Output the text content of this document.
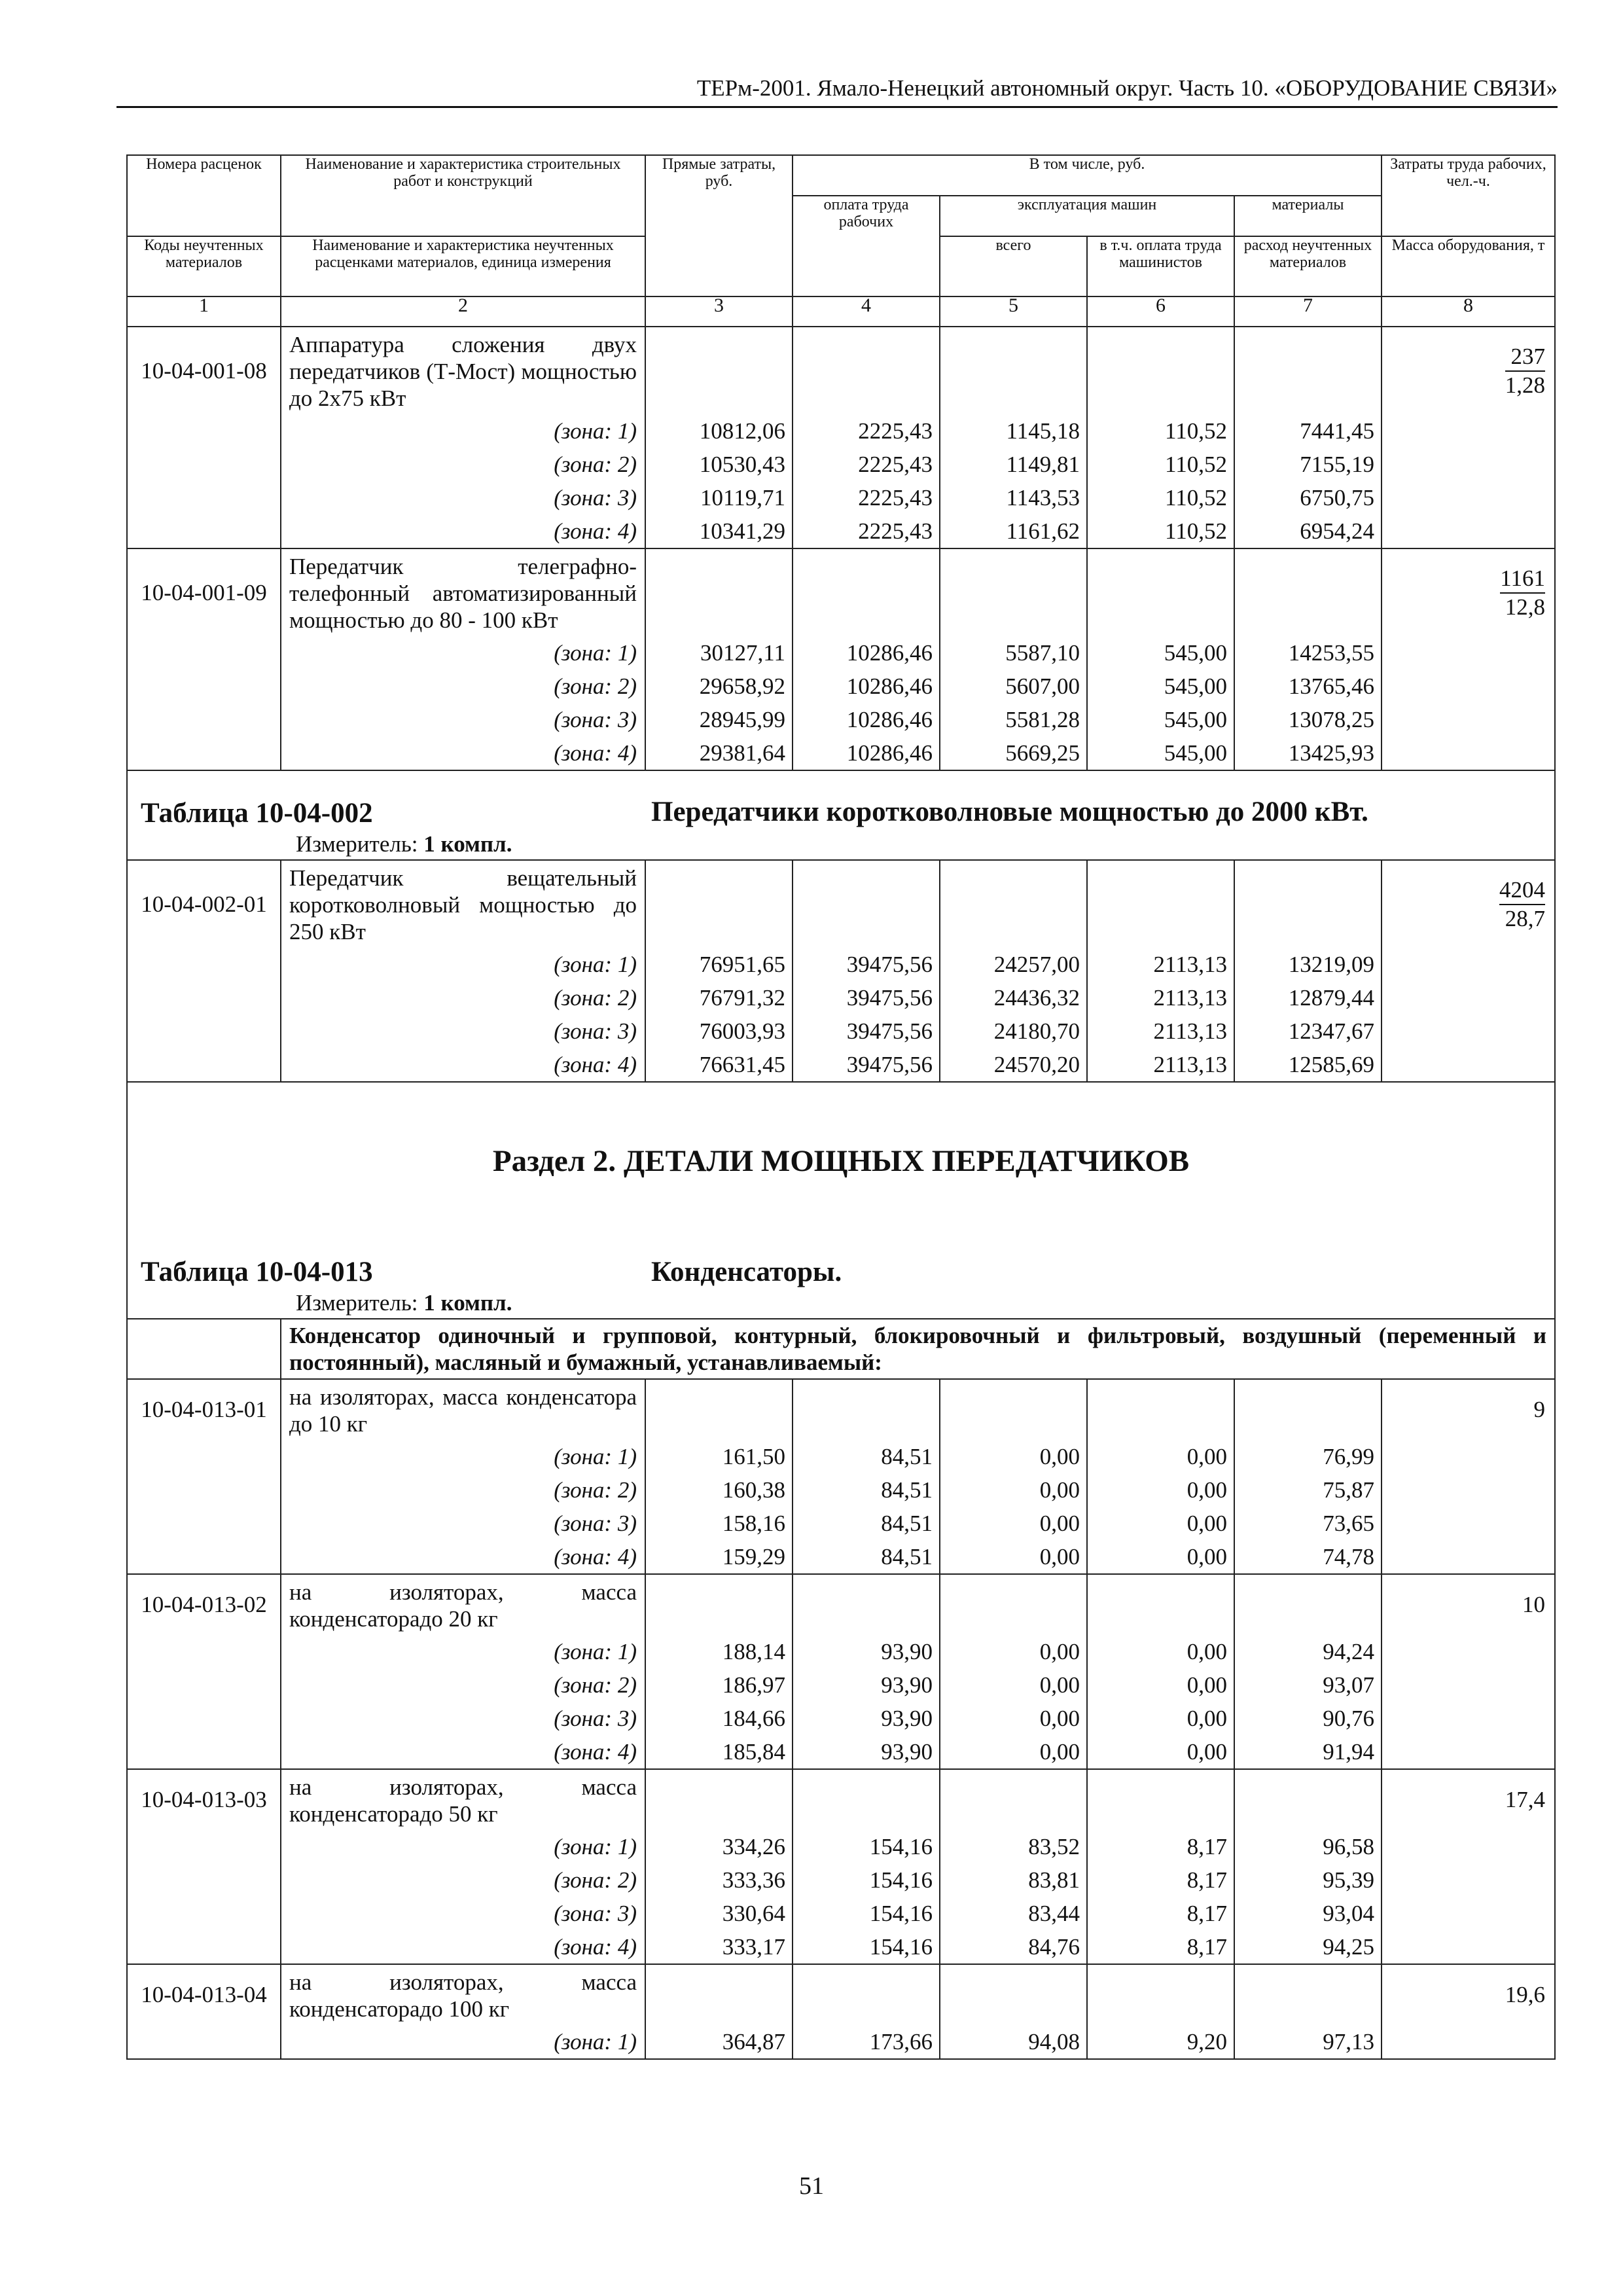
ТЕРм-2001. Ямало-Ненецкий автономный округ. Часть 10. «ОБОРУДОВАНИЕ СВЯЗИ»
Номера расценок	Наименование и характеристика строительных работ и конструкций	Прямые затраты, руб.	В том числе, руб.				Затраты труда рабочих, чел.-ч.
			оплата труда рабочих	эксплуатация машин		материалы	
Коды неучтенных материалов	Наименование и характеристика неучтенных расценками материалов, единица измерения			всего	в т.ч. оплата труда машинистов	расход неучтенных материалов	Масса оборудования, т

1	2	3	4	5	6	7	8
10-04-001-08	Аппаратура сложения двух передатчиков (Т-Мост) мощностью до 2х75 кВт						$\frac{237}{1,28}$
	(зона: 1)	10812,06	2225,43	1145,18	110,52	7441,45	
	(зона: 2)	10530,43	2225,43	1149,81	110,52	7155,19	
	(зона: 3)	10119,71	2225,43	1143,53	110,52	6750,75	
	(зона: 4)	10341,29	2225,43	1161,62	110,52	6954,24	
10-04-001-09	Передатчик телеграфно-телефонный автоматизированный мощностью до 80 - 100 кВт						$\frac{1161}{12,8}$
	(зона: 1)	30127,11	10286,46	5587,10	545,00	14253,55	
	(зона: 2)	29658,92	10286,46	5607,00	545,00	13765,46	
	(зона: 3)	28945,99	10286,46	5581,28	545,00	13078,25	
	(зона: 4)	29381,64	10286,46	5669,25	545,00	13425,93	

Таблица 10-04-002 Передатчики коротковолновые мощностью до 2000 кВт.
Измеритель: 1 компл.							

10-04-002-01	Передатчик вещательный коротковолновый мощностью до 250 кВт						$\frac{4204}{28,7}$
	(зона: 1)	76951,65	39475,56	24257,00	2113,13	13219,09	
	(зона: 2)	76791,32	39475,56	24436,32	2113,13	12879,44	
	(зона: 3)	76003,93	39475,56	24180,70	2113,13	12347,67	
	(зона: 4)	76631,45	39475,56	24570,20	2113,13	12585,69	

Раздел 2. ДЕТАЛИ МОЩНЫХ ПЕРЕДАТЧИКОВ
Таблица 10-04-013 Конденсаторы.
Измеритель: 1 компл.							

	Конденсатор одиночный и групповой, контурный, блокировочный и фильтровый, воздушный (переменный и постоянный), масляный и бумажный, устанавливаемый:						
10-04-013-01	на изоляторах, масса конденсатора до 10 кг						9
	(зона: 1)	161,50	84,51	0,00	0,00	76,99	
	(зона: 2)	160,38	84,51	0,00	0,00	75,87	
	(зона: 3)	158,16	84,51	0,00	0,00	73,65	
	(зона: 4)	159,29	84,51	0,00	0,00	74,78	
10-04-013-02	на изоляторах, масса конденсаторадо 20 кг						10
	(зона: 1)	188,14	93,90	0,00	0,00	94,24	
	(зона: 2)	186,97	93,90	0,00	0,00	93,07	
	(зона: 3)	184,66	93,90	0,00	0,00	90,76	
	(зона: 4)	185,84	93,90	0,00	0,00	91,94	
10-04-013-03	на изоляторах, масса конденсаторадо 50 кг						17,4
	(зона: 1)	334,26	154,16	83,52	8,17	96,58	
	(зона: 2)	333,36	154,16	83,81	8,17	95,39	
	(зона: 3)	330,64	154,16	83,44	8,17	93,04	
	(зона: 4)	333,17	154,16	84,76	8,17	94,25	
10-04-013-04	на изоляторах, масса конденсаторадо 100 кг						19,6
	(зона: 1)	364,87	173,66	94,08	9,20	97,13	
51
